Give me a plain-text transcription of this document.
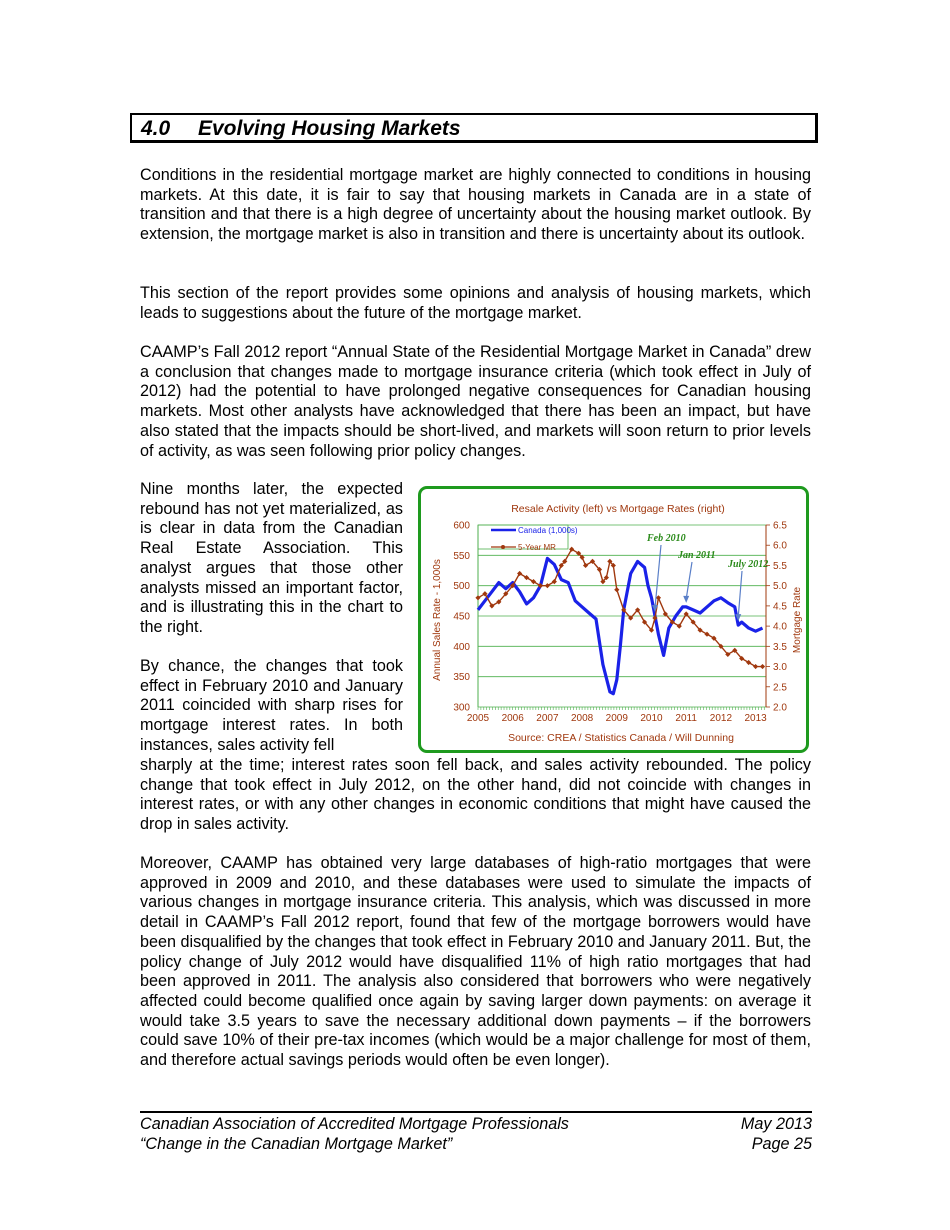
4.0 Evolving Housing Markets

Conditions in the residential mortgage market are highly connected to conditions in housing markets. At this date, it is fair to say that housing markets in Canada are in a state of transition and that there is a high degree of uncertainty about the housing market outlook. By extension, the mortgage market is also in transition and there is uncertainty about its outlook.

This section of the report provides some opinions and analysis of housing markets, which leads to suggestions about the future of the mortgage market.

CAAMP’s Fall 2012 report “Annual State of the Residential Mortgage Market in Canada” drew a conclusion that changes made to mortgage insurance criteria (which took effect in July of 2012) had the potential to have prolonged negative consequences for Canadian housing markets. Most other analysts have acknowledged that there has been an impact, but have also stated that the impacts should be short-lived, and markets will soon return to prior levels of activity, as was seen following prior policy changes.

Nine months later, the expected rebound has not yet materialized, as is clear in data from the Canadian Real Estate Association. This analyst argues that those other analysts missed an important factor, and is illustrating this in the chart to the right.

By chance, the changes that took effect in February 2010 and January 2011 coincided with sharp rises for mortgage interest rates. In both instances, sales activity fell

sharply at the time; interest rates soon fell back, and sales activity rebounded. The policy change that took effect in July 2012, on the other hand, did not coincide with changes in interest rates, or with any other changes in economic conditions that might have caused the drop in sales activity.

Moreover, CAAMP has obtained very large databases of high-ratio mortgages that were approved in 2009 and 2010, and these databases were used to simulate the impacts of various changes in mortgage insurance criteria. This analysis, which was discussed in more detail in CAAMP’s Fall 2012 report, found that few of the mortgage borrowers would have been disqualified by the changes that took effect in February 2010 and January 2011. But, the policy change of July 2012 would have disqualified 11% of high ratio mortgages that had been approved in 2011. The analysis also considered that borrowers who were negatively affected could become qualified once again by saving larger down payments: on average it would take 3.5 years to save the necessary additional down payments – if the borrowers could save 10% of their pre-tax incomes (which would be a major challenge for most of them, and therefore actual savings periods would often be even longer).

Resale Activity (left) vs Mortgage Rates (right)
Source: CREA / Statistics Canada / Will Dunning
Annual Sales Rate - 1,000s	Mortgage Rate
300
350
400
450
500
550
600
2.0
2.5
3.0
3.5
4.0
4.5
5.0
5.5
6.0
6.5
2005 2006 2007 2008 2009 2010 2011 2012 2013
Feb 2010
Jan 2011
July 2012
Canada (1,000s)
5-Year MR
Canadian Association of Accredited Mortgage Professionals
“Change in the Canadian Mortgage Market”
May 2013
Page 25
